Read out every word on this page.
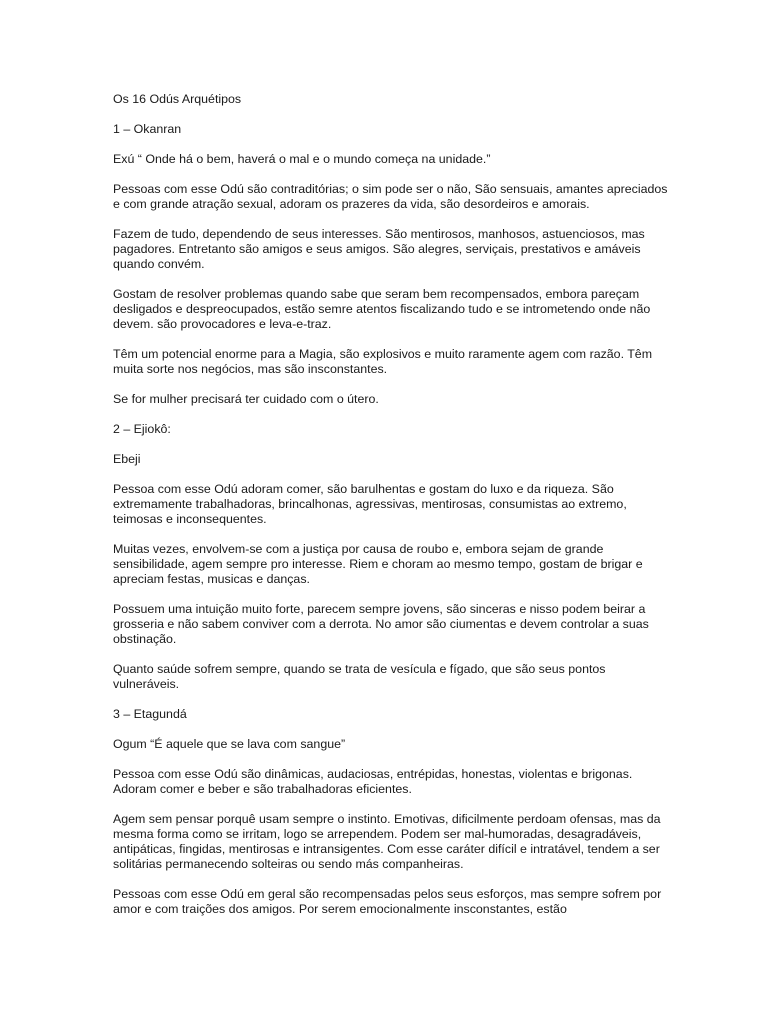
Os 16 Odús Arquétipos

1 – Okanran

Exú “ Onde há o bem, haverá o mal e o mundo começa na unidade.”

Pessoas com esse Odú são contraditórias; o sim pode ser o não, São sensuais, amantes apreciados e com grande atração sexual, adoram os prazeres da vida, são desordeiros e amorais.

Fazem de tudo, dependendo de seus interesses. São mentirosos, manhosos, astuenciosos, mas pagadores. Entretanto são amigos e seus amigos. São alegres, serviçais, prestativos e amáveis quando convém.

Gostam de resolver problemas quando sabe que seram bem recompensados, embora pareçam desligados e despreocupados, estão semre atentos fiscalizando tudo e se intrometendo onde não devem. são provocadores e leva-e-traz.

Têm um potencial enorme para a Magia, são explosivos e muito raramente agem com razão. Têm muita sorte nos negócios, mas são insconstantes.

Se for mulher precisará ter cuidado com o útero.

2 – Ejiokô:

Ebeji

Pessoa com esse Odú adoram comer, são barulhentas e gostam do luxo e da riqueza. São extremamente trabalhadoras, brincalhonas, agressivas, mentirosas, consumistas ao extremo, teimosas e inconsequentes.

Muitas vezes, envolvem-se com a justiça por causa de roubo e, embora sejam de grande sensibilidade, agem sempre pro interesse. Riem e choram ao mesmo tempo, gostam de brigar e apreciam festas, musicas e danças.

Possuem uma intuição muito forte, parecem sempre jovens, são sinceras e nisso podem beirar a grosseria e não sabem conviver com a derrota. No amor são ciumentas e devem controlar a suas obstinação.

Quanto saúde sofrem sempre, quando se trata de vesícula e fígado, que são seus pontos vulneráveis.

3 – Etagundá

Ogum “É aquele que se lava com sangue”

Pessoa com esse Odú são dinâmicas, audaciosas, entrépidas, honestas, violentas e brigonas. Adoram comer e beber e são trabalhadoras eficientes.

Agem sem pensar porquê usam sempre o instinto. Emotivas, dificilmente perdoam ofensas, mas da mesma forma como se irritam, logo se arrependem. Podem ser mal-humoradas, desagradáveis, antipáticas, fingidas, mentirosas e intransigentes. Com esse caráter difícil e intratável, tendem a ser solitárias permanecendo solteiras ou sendo más companheiras.

Pessoas com esse Odú em geral são recompensadas pelos seus esforços, mas sempre sofrem por amor e com traições dos amigos. Por serem emocionalmente insconstantes, estão
